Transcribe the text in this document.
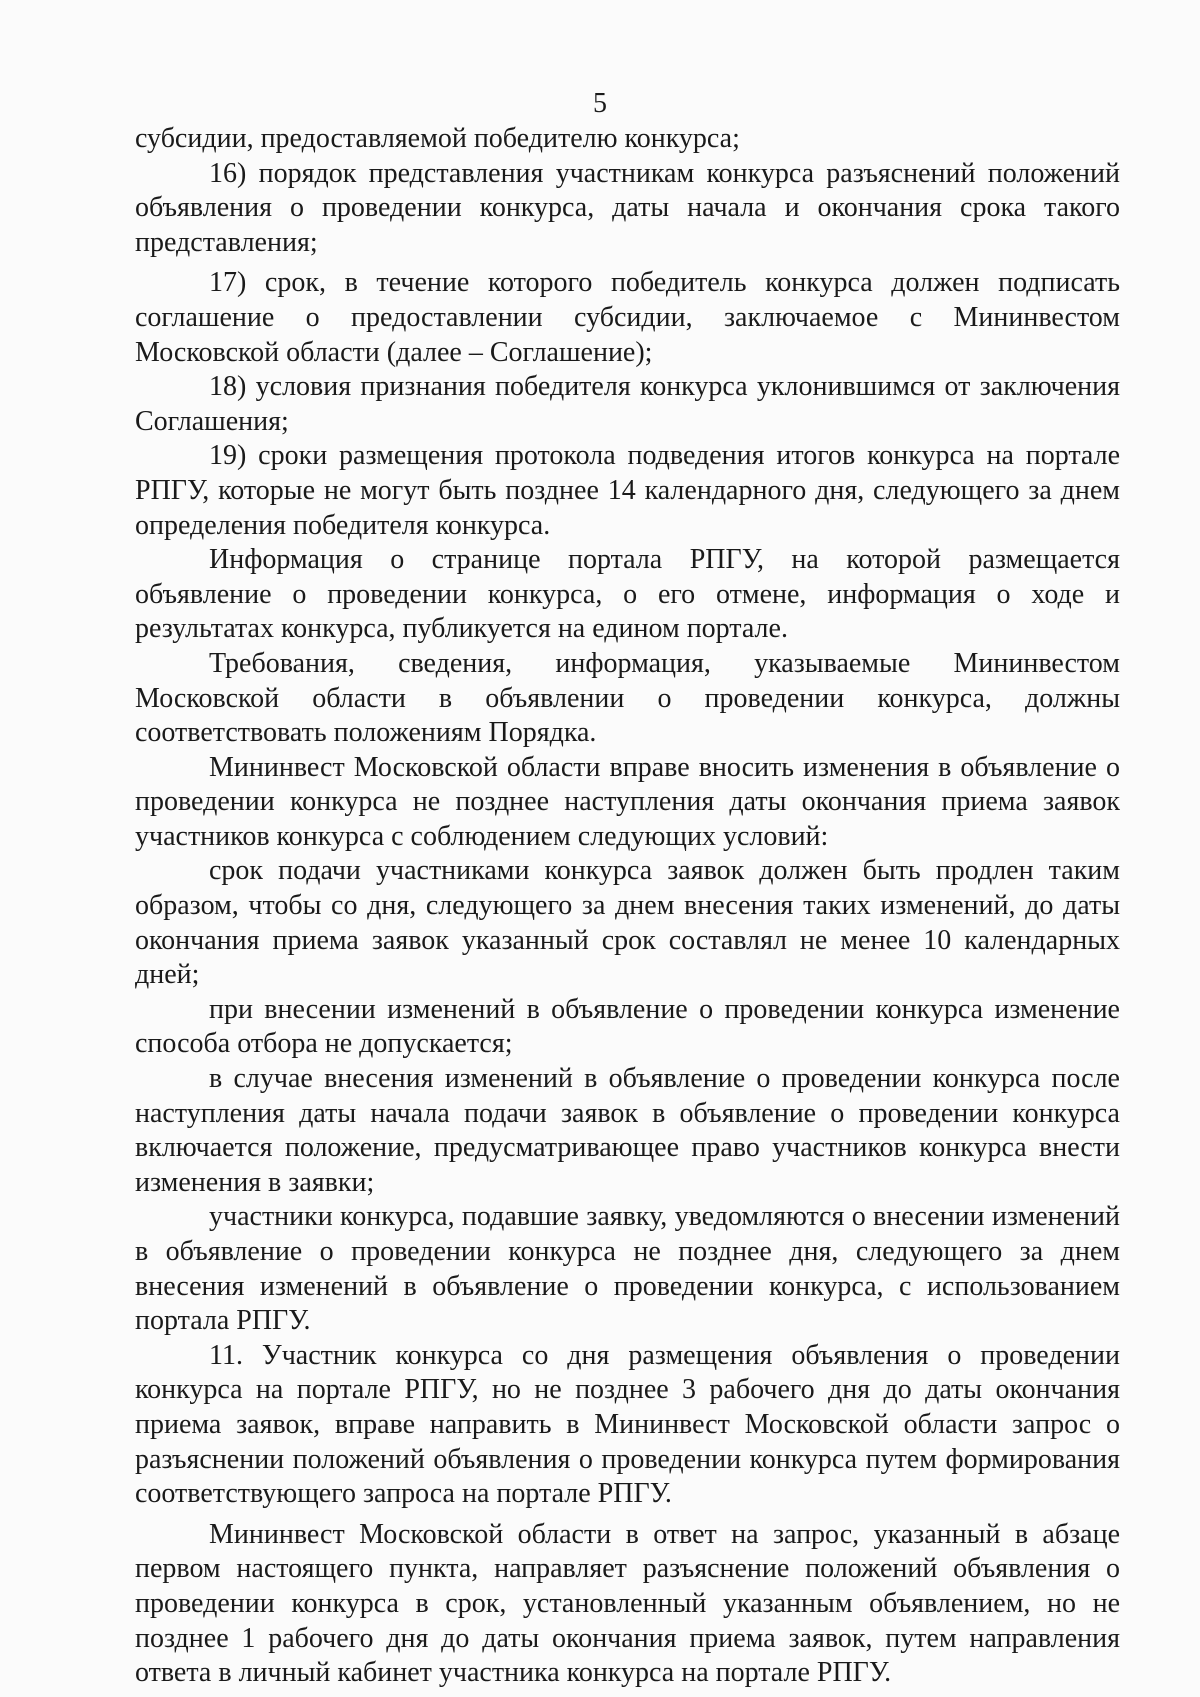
5

субсидии, предоставляемой победителю конкурса;

16) порядок представления участникам конкурса разъяснений положений объявления о проведении конкурса, даты начала и окончания срока такого представления;

17) срок, в течение которого победитель конкурса должен подписать соглашение о предоставлении субсидии, заключаемое с Мининвестом Московской области (далее – Соглашение);

18) условия признания победителя конкурса уклонившимся от заключения Соглашения;

19) сроки размещения протокола подведения итогов конкурса на портале РПГУ, которые не могут быть позднее 14 календарного дня, следующего за днем определения победителя конкурса.

Информация о странице портала РПГУ, на которой размещается объявление о проведении конкурса, о его отмене, информация о ходе и результатах конкурса, публикуется на едином портале.

Требования, сведения, информация, указываемые Мининвестом Московской области в объявлении о проведении конкурса, должны соответствовать положениям Порядка.

Мининвест Московской области вправе вносить изменения в объявление о проведении конкурса не позднее наступления даты окончания приема заявок участников конкурса с соблюдением следующих условий:

срок подачи участниками конкурса заявок должен быть продлен таким образом, чтобы со дня, следующего за днем внесения таких изменений, до даты окончания приема заявок указанный срок составлял не менее 10 календарных дней;

при внесении изменений в объявление о проведении конкурса изменение способа отбора не допускается;

в случае внесения изменений в объявление о проведении конкурса после наступления даты начала подачи заявок в объявление о проведении конкурса включается положение, предусматривающее право участников конкурса внести изменения в заявки;

участники конкурса, подавшие заявку, уведомляются о внесении изменений в объявление о проведении конкурса не позднее дня, следующего за днем внесения изменений в объявление о проведении конкурса, с использованием портала РПГУ.

11. Участник конкурса со дня размещения объявления о проведении конкурса на портале РПГУ, но не позднее 3 рабочего дня до даты окончания приема заявок, вправе направить в Мининвест Московской области запрос о разъяснении положений объявления о проведении конкурса путем формирования соответствующего запроса на портале РПГУ.

Мининвест Московской области в ответ на запрос, указанный в абзаце первом настоящего пункта, направляет разъяснение положений объявления о проведении конкурса в срок, установленный указанным объявлением, но не позднее 1 рабочего дня до даты окончания приема заявок, путем направления ответа в личный кабинет участника конкурса на портале РПГУ.
